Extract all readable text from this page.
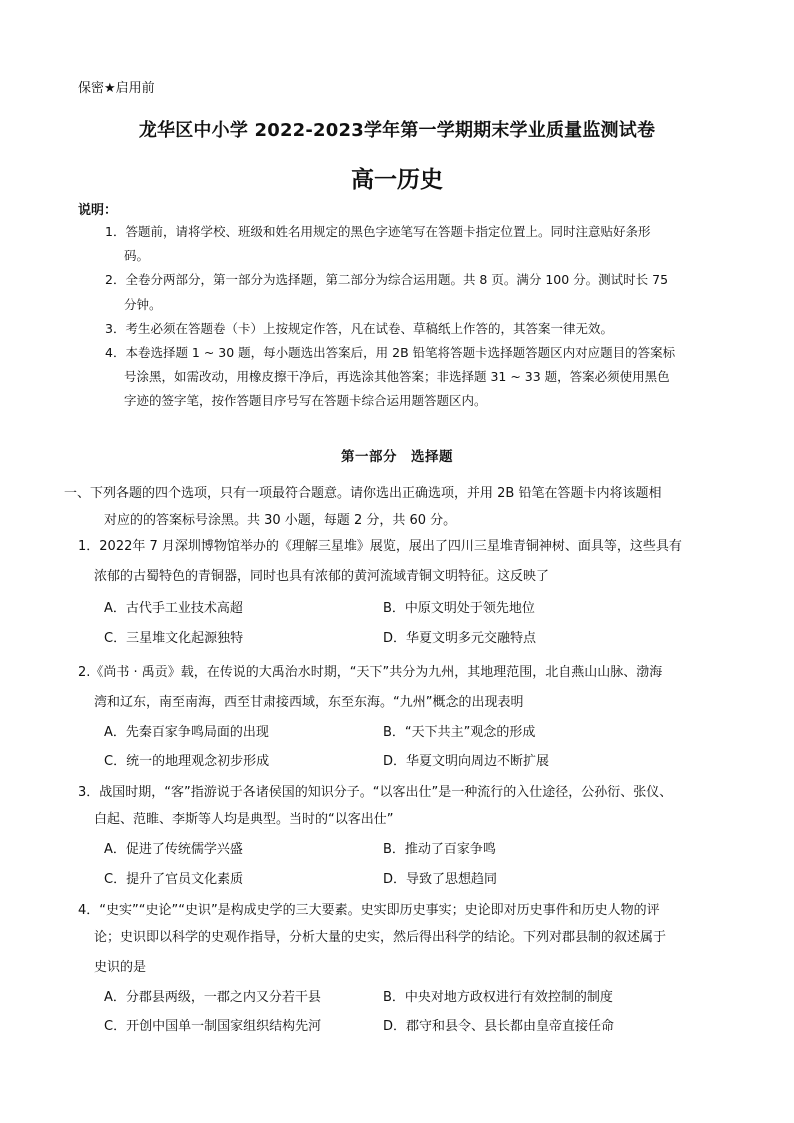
保密★启用前
龙华区中小学 2022-2023学年第一学期期末学业质量监测试卷
高一历史
说明：
1．答题前，请将学校、班级和姓名用规定的黑色字迹笔写在答题卡指定位置上。同时注意贴好条形
码。
2．全卷分两部分，第一部分为选择题，第二部分为综合运用题。共 8 页。满分 100 分。测试时长 75
分钟。
3．考生必须在答题卷（卡）上按规定作答，凡在试卷、草稿纸上作答的，其答案一律无效。
4．本卷选择题 1 ~ 30 题，每小题选出答案后，用 2B 铅笔将答题卡选择题答题区内对应题目的答案标
号涂黑，如需改动，用橡皮擦干净后，再选涂其他答案；非选择题 31 ~ 33 题，答案必须使用黑色
字迹的签字笔，按作答题目序号写在答题卡综合运用题答题区内。
第一部分　选择题
一、下列各题的四个选项，只有一项最符合题意。请你选出正确选项，并用 2B 铅笔在答题卡内将该题相
对应的的答案标号涂黑。共 30 小题，每题 2 分，共 60 分。
1．2022年 7 月深圳博物馆举办的《理解三星堆》展览，展出了四川三星堆青铜神树、面具等，这些具有
浓郁的古蜀特色的青铜器，同时也具有浓郁的黄河流域青铜文明特征。这反映了
A．古代手工业技术高超	B．中原文明处于领先地位
C．三星堆文化起源独特	D．华夏文明多元交融特点
2.《尚书 · 禹贡》载，在传说的大禹治水时期，“天下”共分为九州，其地理范围，北自燕山山脉、渤海
湾和辽东，南至南海，西至甘肃接西域，东至东海。“九州”概念的出现表明
A．先秦百家争鸣局面的出现	B．“天下共主”观念的形成
C．统一的地理观念初步形成	D．华夏文明向周边不断扩展
3．战国时期，“客”指游说于各诸侯国的知识分子。“以客出仕”是一种流行的入仕途径，公孙衍、张仪、
白起、范睢、李斯等人均是典型。当时的“以客出仕”
A．促进了传统儒学兴盛	B．推动了百家争鸣
C．提升了官员文化素质	D．导致了思想趋同
4．“史实”“史论”“史识”是构成史学的三大要素。史实即历史事实；史论即对历史事件和历史人物的评
论；史识即以科学的史观作指导，分析大量的史实，然后得出科学的结论。下列对郡县制的叙述属于
史识的是
A．分郡县两级，一郡之内又分若干县	B．中央对地方政权进行有效控制的制度
C．开创中国单一制国家组织结构先河	D．郡守和县令、县长都由皇帝直接任命
